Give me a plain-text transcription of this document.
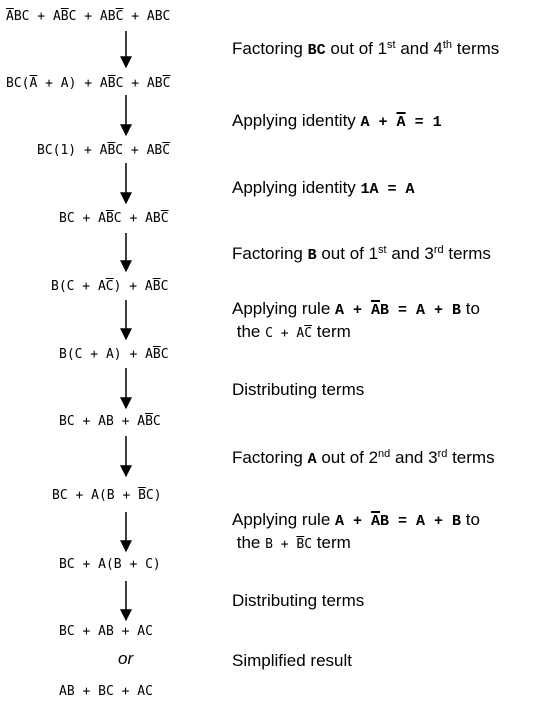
$\overline{A}BC + A\overline{B}C + AB\overline{C}$ + ABC
$BC(\overline{A} + A) + A\overline{B}C + AB\overline{C}$
$BC(1) + A\overline{B}C + AB\overline{C}$
BC + $A\overline{B}C + AB\overline{C}$
$B(C + A\overline{C}) + A\overline{B}C$
$B(C + A) + A\overline{B}C$
BC + AB + $A\overline{B}C$
BC + $A(B + \overline{B}C)$
BC + A(B + C)
BC + AB + AC
or
AB + BC + AC
Factoring BC out of 1st and 4th terms
Applying identity $A + \overline{A} = 1$
Applying identity 1A = A
Factoring B out of 1st and 3rd terms
Applying rule $A + \overline{A}B = A + B$ to
the $C + A\overline{C}$ term
Distributing terms
Factoring A out of 2nd and 3rd terms
Applying rule $A + \overline{A}B = A + B$ to
the $B + \overline{B}C$ term
Distributing terms
Simplified result
